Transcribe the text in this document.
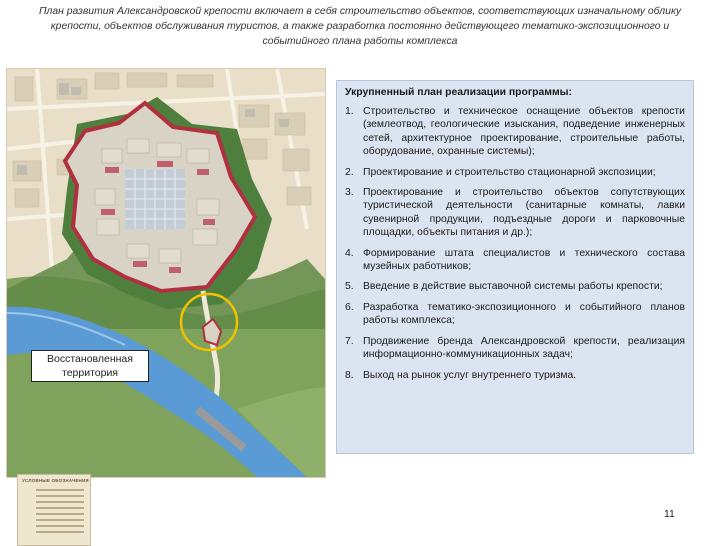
План развития Александровской крепости включает в себя строительство объектов, соответствующих изначальному облику крепости, объектов обслуживания туристов, а также разработка постоянно действующего тематико-экспозиционного и событийного плана работы комплекса
УСЛОВНЫЕ ОБОЗНАЧЕНИЯ
Восстановленная территория
Укрупненный план реализации программы:
1. Строительство и техническое оснащение объектов крепости (землеотвод, геологические изыскания, подведение инженерных сетей, архитектурное проектирование, строительные работы, оборудование, охранные системы);
2. Проектирование и строительство стационарной экспозиции;
3. Проектирование и строительство объектов сопутствующих туристической деятельности (санитарные комнаты, лавки сувенирной продукции, подъездные дороги и парковочные площадки, объекты питания и др.);
4. Формирование штата специалистов и технического состава музейных работников;
5. Введение в действие выставочной системы работы крепости;
6. Разработка тематико-экспозиционного и событийного планов работы комплекса;
7. Продвижение бренда Александровской крепости, реализация информационно-коммуникационных задач;
8. Выход на рынок услуг внутреннего туризма.
11
